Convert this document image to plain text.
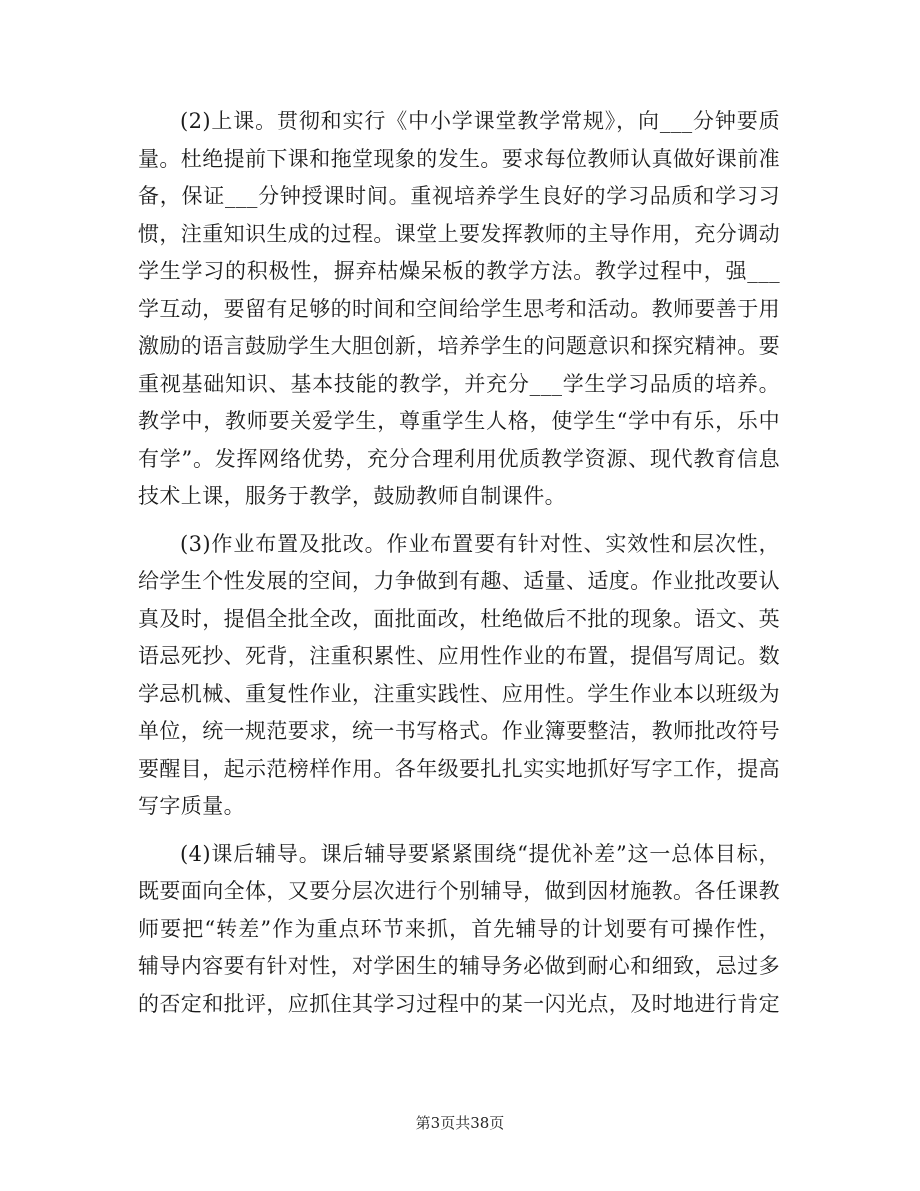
(2)上课。贯彻和实行《中小学课堂教学常规》，向___分钟要质量。杜绝提前下课和拖堂现象的发生。要求每位教师认真做好课前准备，保证___分钟授课时间。重视培养学生良好的学习品质和学习习惯，注重知识生成的过程。课堂上要发挥教师的主导作用，充分调动学生学习的积极性，摒弃枯燥呆板的教学方法。教学过程中，强___学互动，要留有足够的时间和空间给学生思考和活动。教师要善于用激励的语言鼓励学生大胆创新，培养学生的问题意识和探究精神。要重视基础知识、基本技能的教学，并充分___学生学习品质的培养。教学中，教师要关爱学生，尊重学生人格，使学生“学中有乐，乐中有学”。发挥网络优势，充分合理利用优质教学资源、现代教育信息技术上课，服务于教学，鼓励教师自制课件。

(3)作业布置及批改。作业布置要有针对性、实效性和层次性，给学生个性发展的空间，力争做到有趣、适量、适度。作业批改要认真及时，提倡全批全改，面批面改，杜绝做后不批的现象。语文、英语忌死抄、死背，注重积累性、应用性作业的布置，提倡写周记。数学忌机械、重复性作业，注重实践性、应用性。学生作业本以班级为单位，统一规范要求，统一书写格式。作业簿要整洁，教师批改符号要醒目，起示范榜样作用。各年级要扎扎实实地抓好写字工作，提高写字质量。

(4)课后辅导。课后辅导要紧紧围绕“提优补差”这一总体目标，既要面向全体，又要分层次进行个别辅导，做到因材施教。各任课教师要把“转差”作为重点环节来抓，首先辅导的计划要有可操作性，辅导内容要有针对性，对学困生的辅导务必做到耐心和细致，忌过多的否定和批评，应抓住其学习过程中的某一闪光点，及时地进行肯定

第3页共38页
